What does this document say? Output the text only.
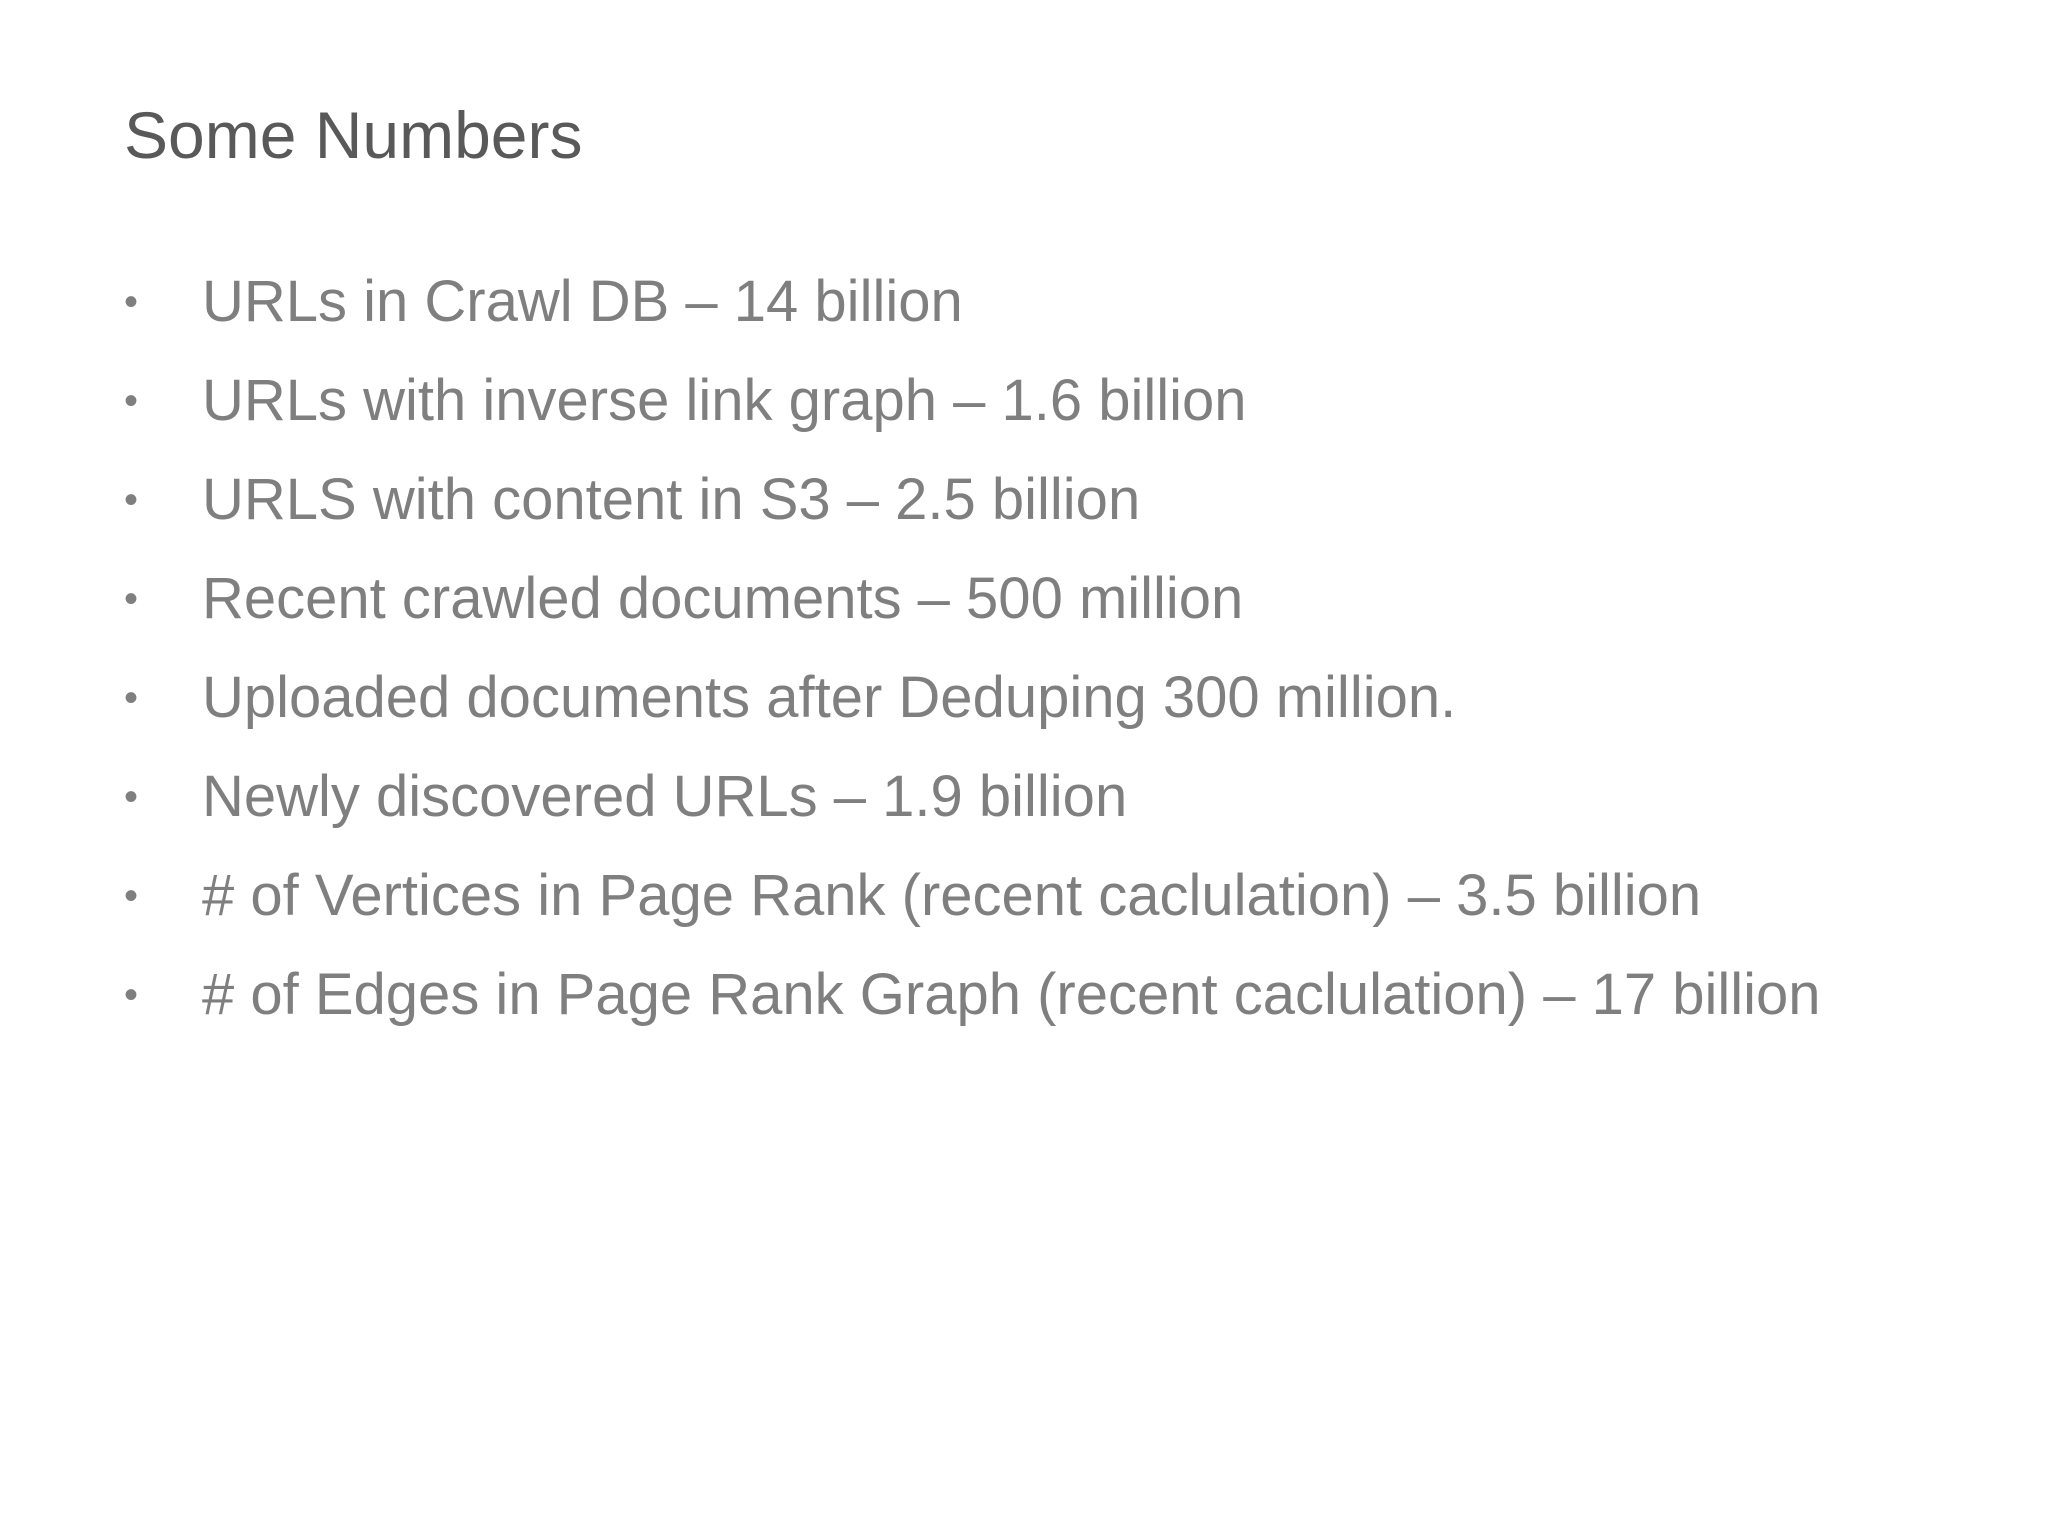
Some Numbers
• URLs in Crawl DB – 14 billion
• URLs with inverse link graph – 1.6 billion
• URLS with content in S3 – 2.5 billion
• Recent crawled documents – 500 million
• Uploaded documents after Deduping 300 million.
• Newly discovered URLs – 1.9 billion
• # of Vertices in Page Rank (recent caclulation) – 3.5 billion
• # of Edges in Page Rank Graph (recent caclulation) – 17 billion
